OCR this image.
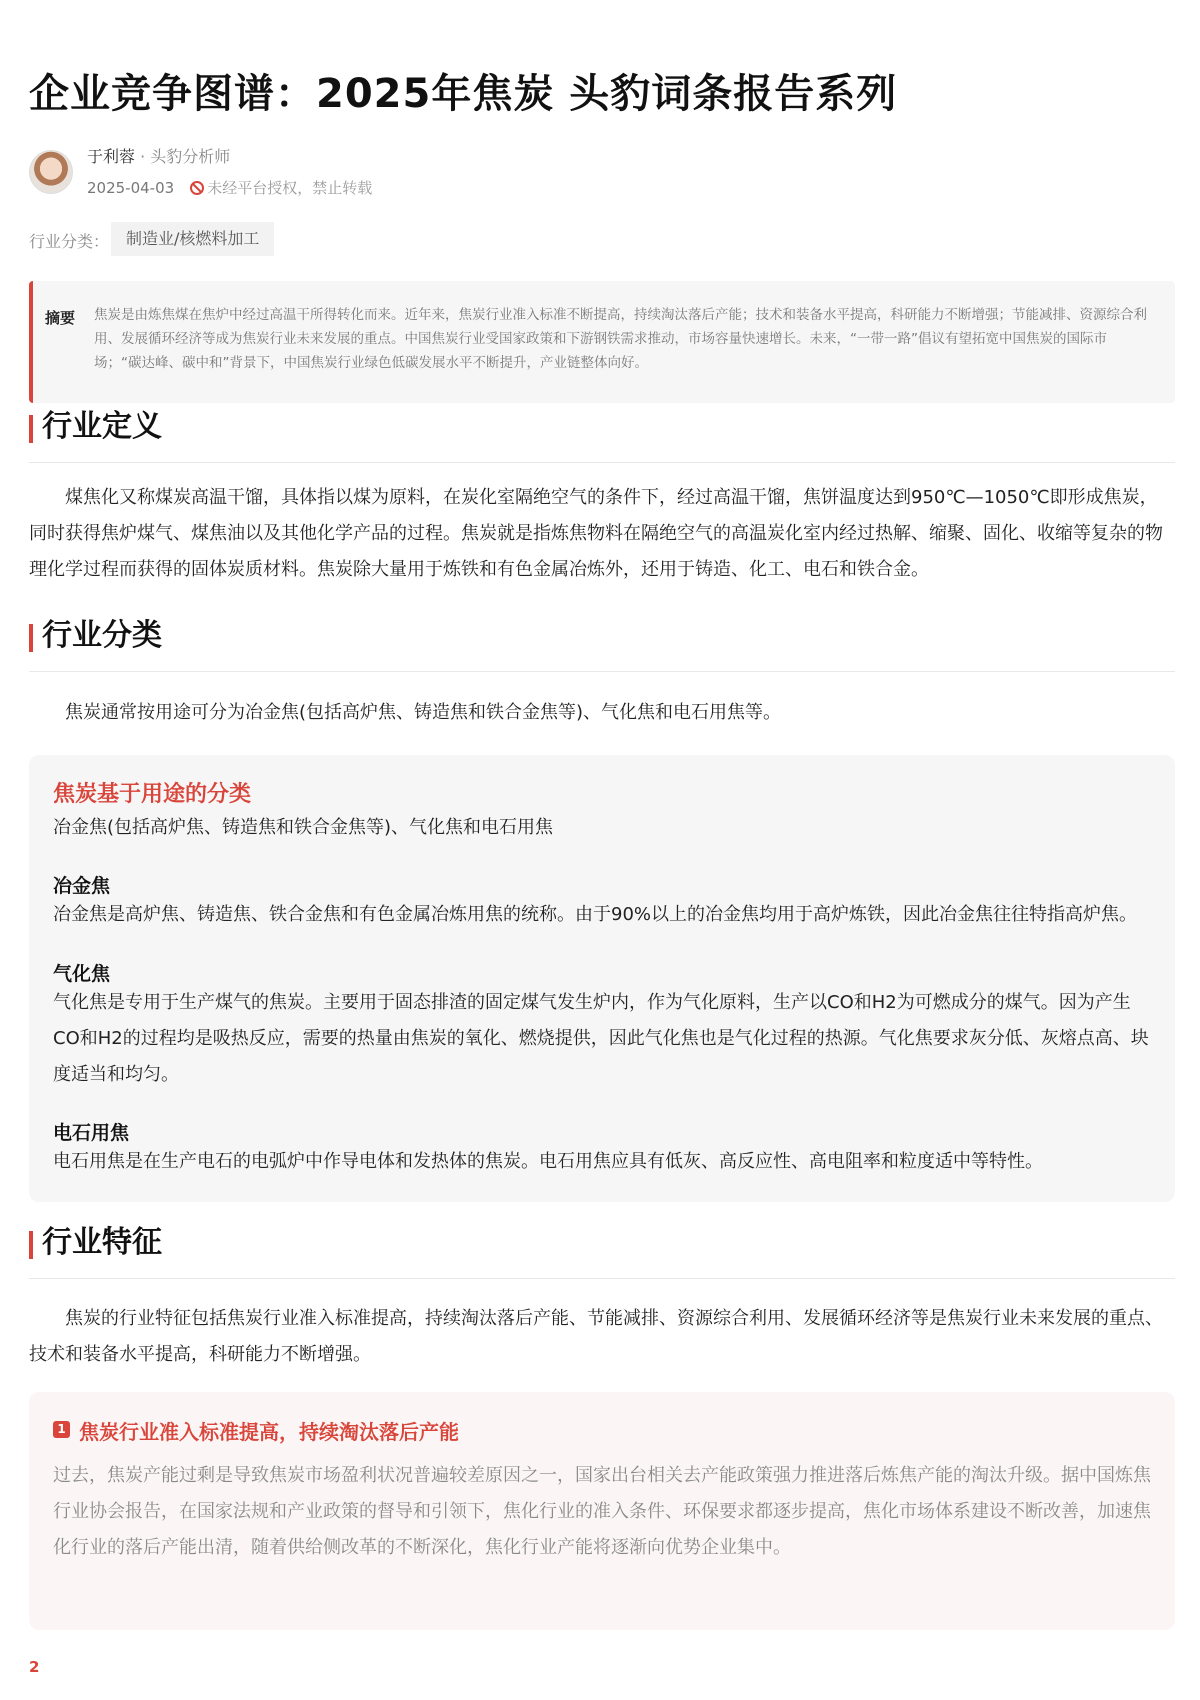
企业竞争图谱：2025年焦炭 头豹词条报告系列
于利蓉 · 头豹分析师
2025-04-03 未经平台授权，禁止转载
行业分类：	制造业/核燃料加工
摘要 焦炭是由炼焦煤在焦炉中经过高温干所得转化而来。近年来，焦炭行业准入标准不断提高，持续淘汰落后产能；技术和装备水平提高，科研能力不断增强；节能减排、资源综合利用、发展循环经济等成为焦炭行业未来发展的重点。中国焦炭行业受国家政策和下游钢铁需求推动，市场容量快速增长。未来，“一带一路”倡议有望拓宽中国焦炭的国际市场；“碳达峰、碳中和”背景下，中国焦炭行业绿色低碳发展水平不断提升，产业链整体向好。
行业定义

煤焦化又称煤炭高温干馏，具体指以煤为原料，在炭化室隔绝空气的条件下，经过高温干馏，焦饼温度达到950℃—1050℃即形成焦炭，同时获得焦炉煤气、煤焦油以及其他化学产品的过程。焦炭就是指炼焦物料在隔绝空气的高温炭化室内经过热解、缩聚、固化、收缩等复杂的物理化学过程而获得的固体炭质材料。焦炭除大量用于炼铁和有色金属冶炼外，还用于铸造、化工、电石和铁合金。

行业分类

焦炭通常按用途可分为冶金焦(包括高炉焦、铸造焦和铁合金焦等)、气化焦和电石用焦等。

焦炭基于用途的分类
冶金焦(包括高炉焦、铸造焦和铁合金焦等)、气化焦和电石用焦
冶金焦

冶金焦是高炉焦、铸造焦、铁合金焦和有色金属冶炼用焦的统称。由于90%以上的冶金焦均用于高炉炼铁，因此冶金焦往往特指高炉焦。

气化焦

气化焦是专用于生产煤气的焦炭。主要用于固态排渣的固定煤气发生炉内，作为气化原料，生产以CO和H2为可燃成分的煤气。因为产生CO和H2的过程均是吸热反应，需要的热量由焦炭的氧化、燃烧提供，因此气化焦也是气化过程的热源。气化焦要求灰分低、灰熔点高、块度适当和均匀。

电石用焦

电石用焦是在生产电石的电弧炉中作导电体和发热体的焦炭。电石用焦应具有低灰、高反应性、高电阻率和粒度适中等特性。

行业特征

焦炭的行业特征包括焦炭行业准入标准提高，持续淘汰落后产能、节能减排、资源综合利用、发展循环经济等是焦炭行业未来发展的重点、技术和装备水平提高，科研能力不断增强。

1 焦炭行业准入标准提高，持续淘汰落后产能

过去，焦炭产能过剩是导致焦炭市场盈利状况普遍较差原因之一，国家出台相关去产能政策强力推进落后炼焦产能的淘汰升级。据中国炼焦行业协会报告，在国家法规和产业政策的督导和引领下，焦化行业的准入条件、环保要求都逐步提高，焦化市场体系建设不断改善，加速焦化行业的落后产能出清，随着供给侧改革的不断深化，焦化行业产能将逐渐向优势企业集中。

2
